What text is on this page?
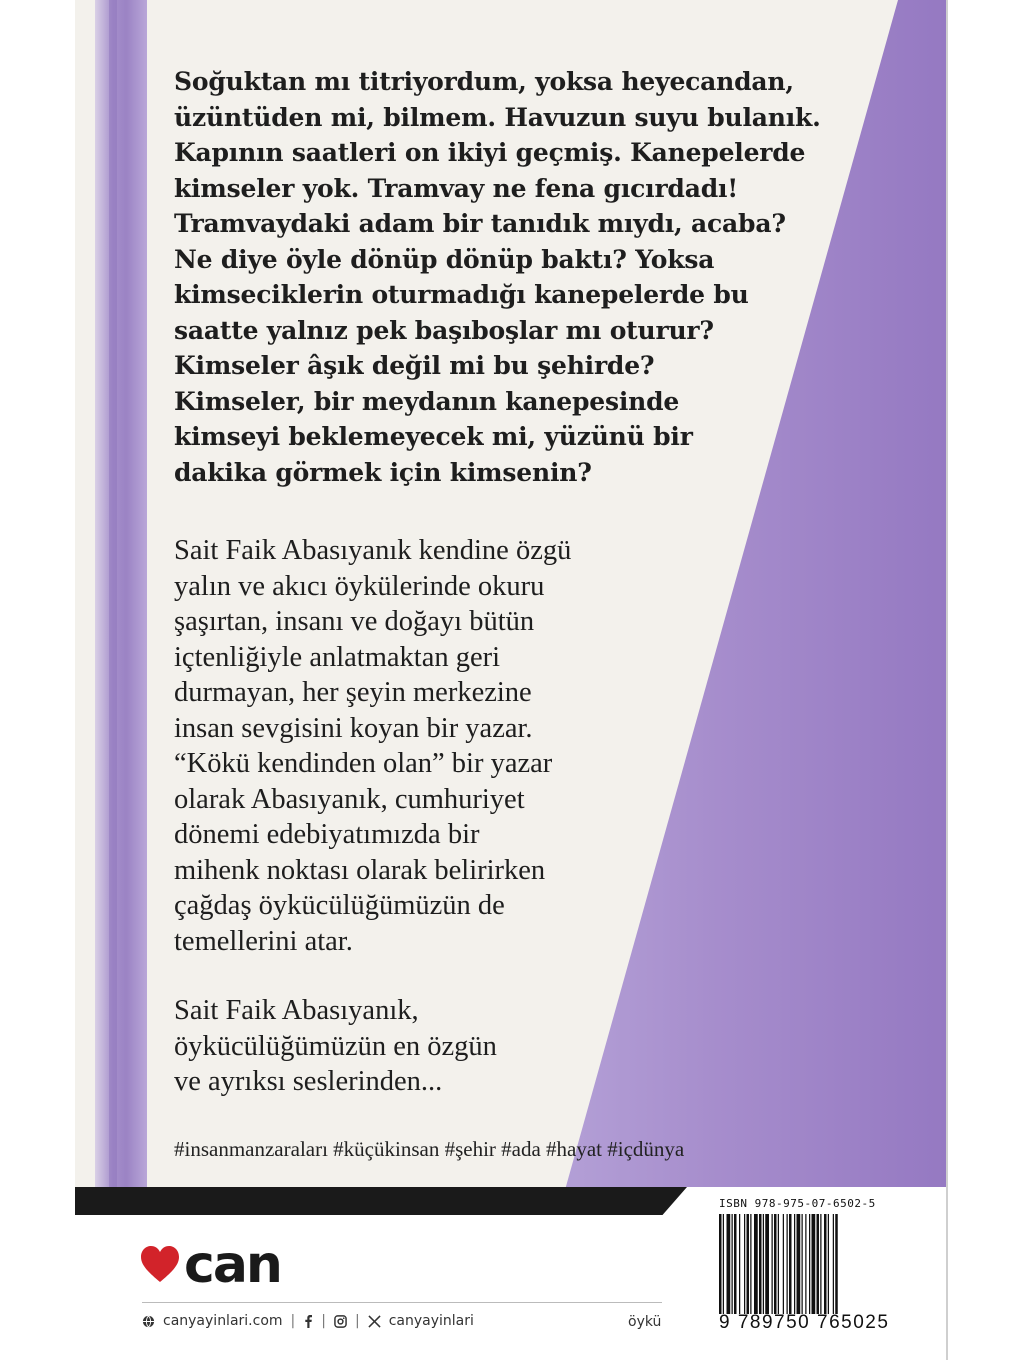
Soğuktan mı titriyordum, yoksa heyecandan,

üzüntüden mi, bilmem. Havuzun suyu bulanık.

Kapının saatleri on ikiyi geçmiş. Kanepelerde

kimseler yok. Tramvay ne fena gıcırdadı!

Tramvaydaki adam bir tanıdık mıydı, acaba?

Ne diye öyle dönüp dönüp baktı? Yoksa

kimseciklerin oturmadığı kanepelerde bu

saatte yalnız pek başıboşlar mı oturur?

Kimseler âşık değil mi bu şehirde?

Kimseler, bir meydanın kanepesinde

kimseyi beklemeyecek mi, yüzünü bir

dakika görmek için kimsenin?

Sait Faik Abasıyanık kendine özgü

yalın ve akıcı öykülerinde okuru

şaşırtan, insanı ve doğayı bütün

içtenliğiyle anlatmaktan geri

durmayan, her şeyin merkezine

insan sevgisini koyan bir yazar.

“Kökü kendinden olan” bir yazar

olarak Abasıyanık, cumhuriyet

dönemi edebiyatımızda bir

mihenk noktası olarak belirirken

çağdaş öykücülüğümüzün de

temellerini atar.

Sait Faik Abasıyanık,

öykücülüğümüzün en özgün

ve ayrıksı seslerinden...

#insanmanzaraları #küçükinsan #şehir #ada #hayat #içdünya
can
canyayinlari.com | | | canyayinlari	öykü
ISBN 978-975-07-6502-5
9 789750 765025
